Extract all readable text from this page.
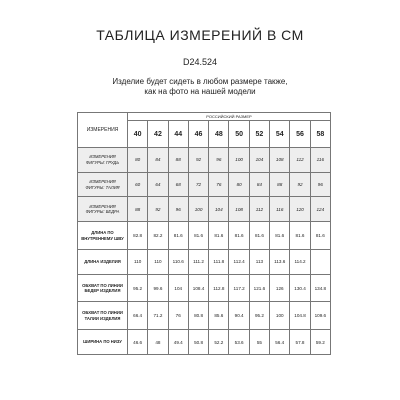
ТАБЛИЦА ИЗМЕРЕНИЙ В СМ
D24.524
Изделие будет сидеть в любом размере также, как на фото на нашей модели
ИЗМЕРЕНИЯ	РОССИЙСКИЙ РАЗМЕР									
	40	42	44	46	48	50	52	54	56	58
ИЗМЕРЕНИЯ ФИГУРЫ: ГРУДЬ	80	84	88	92	96	100	104	108	112	116
ИЗМЕРЕНИЯ ФИГУРЫ: ТАЛИЯ	60	64	68	72	76	80	84	88	92	96
ИЗМЕРЕНИЯ ФИГУРЫ: БЕДРА	88	92	96	100	104	108	112	116	120	124
ДЛИНА ПО ВНУТРЕННЕМУ ШВУ	82.8	82.2	81.6	81.6	81.6	81.6	81.6	81.6	81.6	81.6
ДЛИНА ИЗДЕЛИЯ	110	110	110.6	111.2	111.8	112.4	113	113.6	114.2	
ОБХВАТ ПО ЛИНИИ БЕДЕР ИЗДЕЛИЯ	95.2	99.6	104	108.4	112.8	117.2	121.6	126	130.4	134.8
ОБХВАТ ПО ЛИНИИ ТАЛИИ ИЗДЕЛИЯ	66.4	71.2	76	80.8	85.6	90.4	95.2	100	104.8	109.6
ШИРИНА ПО НИЗУ	46.6	48	49.4	50.8	52.2	53.6	55	56.4	57.8	59.2
